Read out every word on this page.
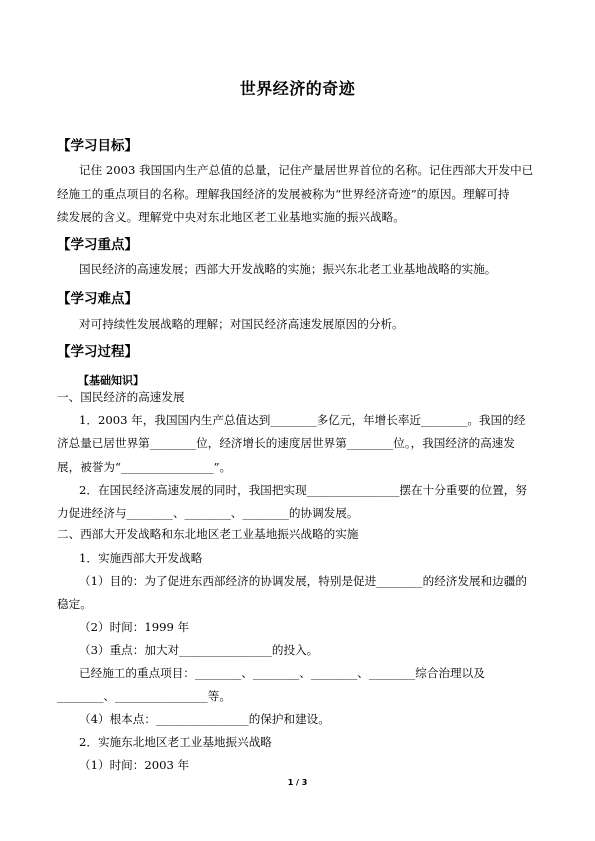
世界经济的奇迹
【学习目标】
记住 2003 我国国内生产总值的总量，记住产量居世界首位的名称。记住西部大开发中已
经施工的重点项目的名称。理解我国经济的发展被称为“世界经济奇迹”的原因。理解可持
续发展的含义。理解党中央对东北地区老工业基地实施的振兴战略。
【学习重点】
国民经济的高速发展；西部大开发战略的实施；振兴东北老工业基地战略的实施。
【学习难点】
对可持续性发展战略的理解；对国民经济高速发展原因的分析。
【学习过程】
【基础知识】
一、国民经济的高速发展
1．2003 年，我国国内生产总值达到________多亿元，年增长率近________。我国的经
济总量已居世界第________位，经济增长的速度居世界第________位。，我国经济的高速发
展，被誉为“________________”。
2．在国民经济高速发展的同时，我国把实现________________摆在十分重要的位置，努
力促进经济与________、________、________的协调发展。
二、西部大开发战略和东北地区老工业基地振兴战略的实施
1．实施西部大开发战略
（1）目的：为了促进东西部经济的协调发展，特别是促进________的经济发展和边疆的
稳定。
（2）时间：1999 年
（3）重点：加大对________________的投入。
已经施工的重点项目：________、________、________、________综合治理以及
________、________________等。
（4）根本点：________________的保护和建设。
2．实施东北地区老工业基地振兴战略
（1）时间：2003 年
1 / 3
